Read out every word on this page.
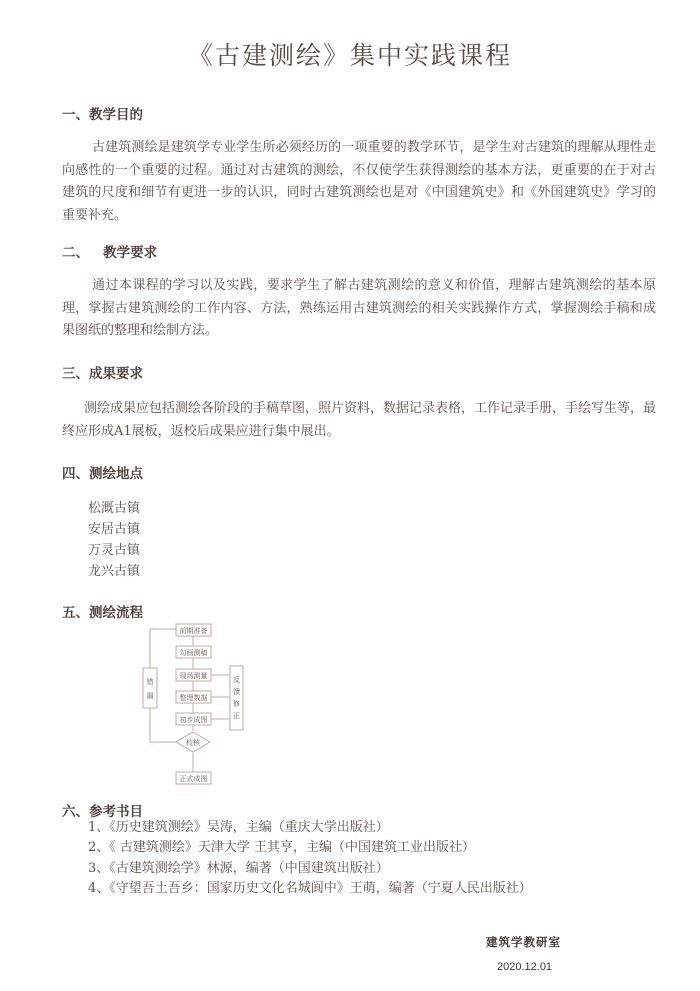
《古建测绘》集中实践课程
一、教学目的
古建筑测绘是建筑学专业学生所必须经历的一项重要的教学环节，是学生对古建筑的理解从理性走向感性的一个重要的过程。通过对古建筑的测绘，不仅使学生获得测绘的基本方法，更重要的在于对古建筑的尺度和细节有更进一步的认识，同时古建筑测绘也是对《中国建筑史》和《外国建筑史》学习的重要补充。
二、   教学要求
通过本课程的学习以及实践，要求学生了解古建筑测绘的意义和价值，理解古建筑测绘的基本原理，掌握古建筑测绘的工作内容、方法，熟练运用古建筑测绘的相关实践操作方式，掌握测绘手稿和成果图纸的整理和绘制方法。
三、成果要求
测绘成果应包括测绘各阶段的手稿草图，照片资料，数据记录表格，工作记录手册，手绘写生等，最终应形成A1展板，返校后成果应进行集中展出。
四、测绘地点
松溉古镇
安居古镇
万灵古镇
龙兴古镇
五、测绘流程
前期准备
勾画测稿
现场测量
整理数据
初步成图
校核
正式成图
错
漏
反
馈
修
正
六、参考书目
1、《历史建筑测绘》吴涛，主编（重庆大学出版社）
2、《 古建筑测绘》天津大学 王其亨，主编（中国建筑工业出版社）
3、《古建筑测绘学》林源，编著（中国建筑出版社）
4、《守望吾土吾乡：国家历史文化名城阆中》王萌，编著（宁夏人民出版社）
建筑学教研室
2020.12.01
